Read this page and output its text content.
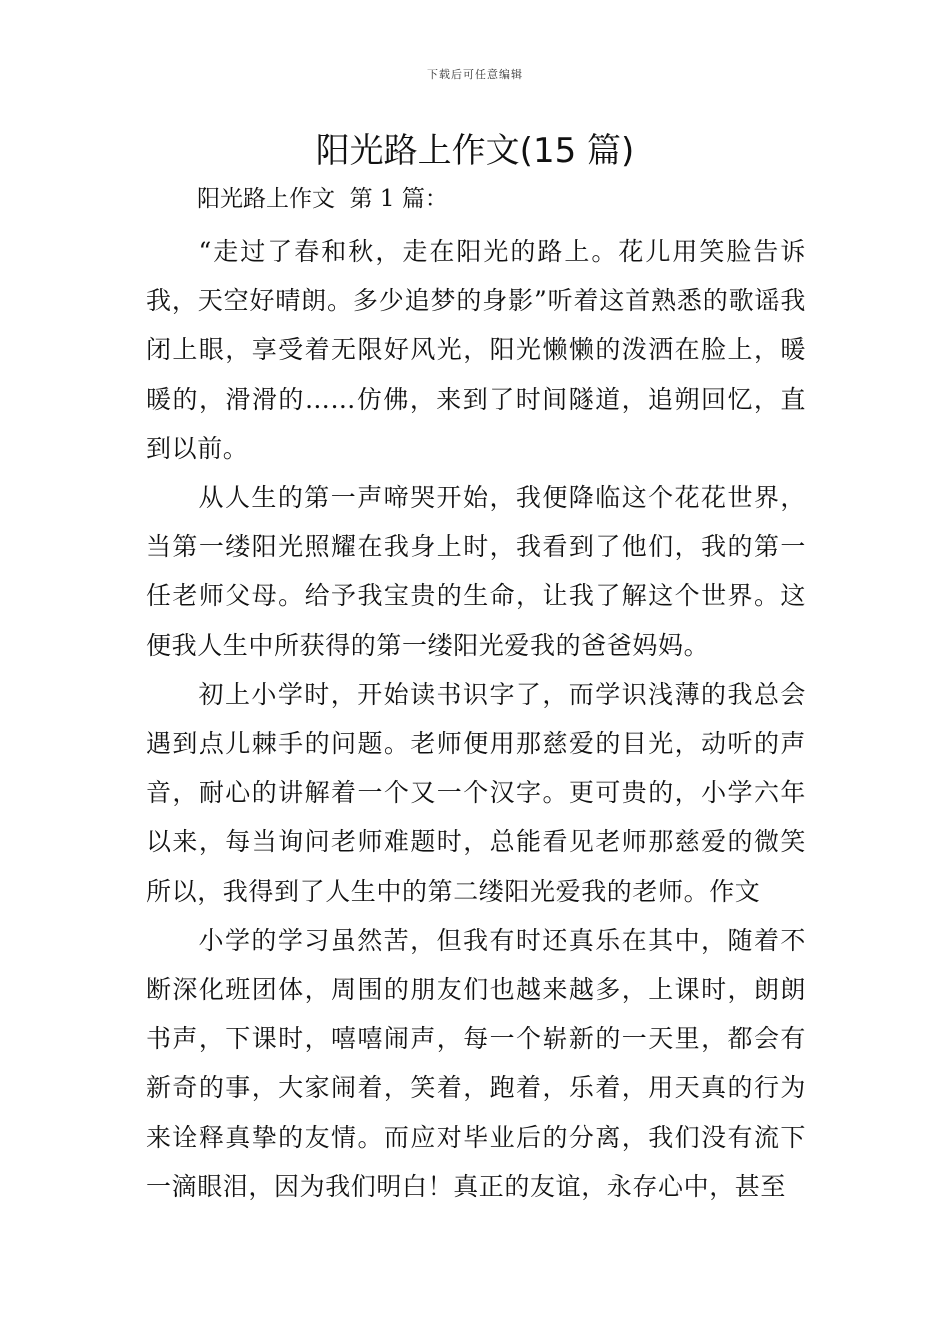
下载后可任意编辑
阳光路上作文(15 篇)
阳光路上作文  第 1 篇：

“走过了春和秋，走在阳光的路上。花儿用笑脸告诉我，天空好晴朗。多少追梦的身影”听着这首熟悉的歌谣我闭上眼，享受着无限好风光，阳光懒懒的泼洒在脸上，暖暖的，滑滑的……仿佛，来到了时间隧道，追朔回忆，直到以前。

从人生的第一声啼哭开始，我便降临这个花花世界，当第一缕阳光照耀在我身上时，我看到了他们，我的第一任老师父母。给予我宝贵的生命，让我了解这个世界。这便我人生中所获得的第一缕阳光爱我的爸爸妈妈。

初上小学时，开始读书识字了，而学识浅薄的我总会遇到点儿棘手的问题。老师便用那慈爱的目光，动听的声音，耐心的讲解着一个又一个汉字。更可贵的，小学六年以来，每当询问老师难题时，总能看见老师那慈爱的微笑所以，我得到了人生中的第二缕阳光爱我的老师。作文

小学的学习虽然苦，但我有时还真乐在其中，随着不断深化班团体，周围的朋友们也越来越多，上课时，朗朗书声，下课时，嘻嘻闹声，每一个崭新的一天里，都会有新奇的事，大家闹着，笑着，跑着，乐着，用天真的行为来诠释真挚的友情。而应对毕业后的分离，我们没有流下一滴眼泪，因为我们明白！真正的友谊，永存心中，甚至
